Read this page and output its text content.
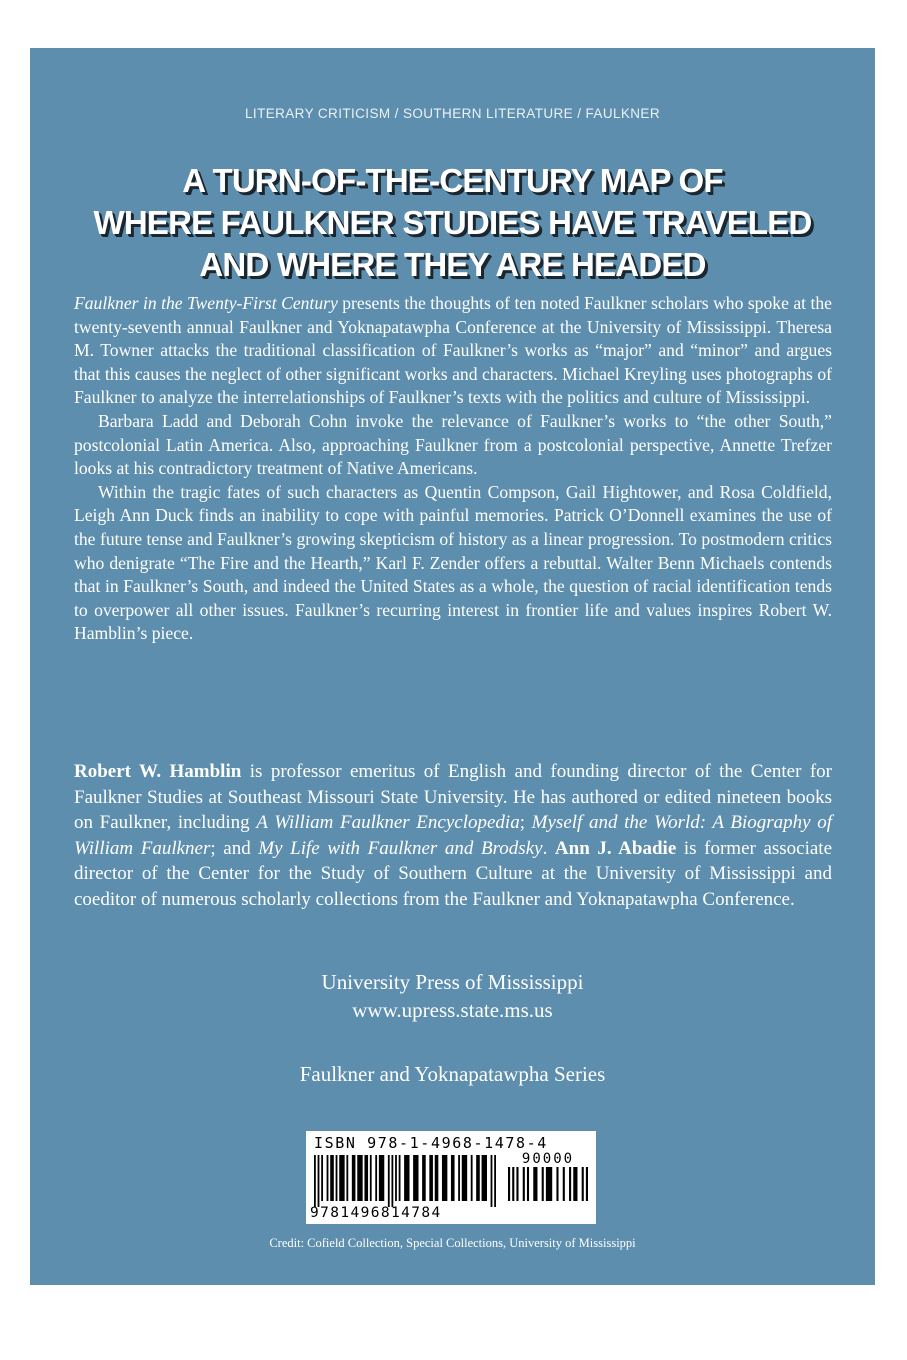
LITERARY CRITICISM / SOUTHERN LITERATURE / FAULKNER
A TURN-OF-THE-CENTURY MAP OF
WHERE FAULKNER STUDIES HAVE TRAVELED
AND WHERE THEY ARE HEADED

Faulkner in the Twenty-First Century presents the thoughts of ten noted Faulkner scholars who spoke at the twenty-seventh annual Faulkner and Yoknapatawpha Conference at the University of Mississippi. Theresa M. Towner attacks the traditional classification of Faulkner’s works as “major” and “minor” and argues that this causes the neglect of other significant works and characters. Michael Kreyling uses photographs of Faulkner to analyze the interrelationships of Faulkner’s texts with the politics and culture of Mississippi.

Barbara Ladd and Deborah Cohn invoke the relevance of Faulkner’s works to “the other South,” postcolonial Latin America. Also, approaching Faulkner from a postcolonial perspective, Annette Trefzer looks at his contradictory treatment of Native Americans.

Within the tragic fates of such characters as Quentin Compson, Gail Hightower, and Rosa Coldfield, Leigh Ann Duck finds an inability to cope with painful memories. Patrick O’Donnell examines the use of the future tense and Faulkner’s growing skepticism of history as a linear progression. To postmodern critics who denigrate “The Fire and the Hearth,” Karl F. Zender offers a rebuttal. Walter Benn Michaels contends that in Faulkner’s South, and indeed the United States as a whole, the question of racial identification tends to overpower all other issues. Faulkner’s recurring interest in frontier life and values inspires Robert W. Hamblin’s piece.

Robert W. Hamblin is professor emeritus of English and founding director of the Center for Faulkner Studies at Southeast Missouri State University. He has authored or edited nineteen books on Faulkner, including A William Faulkner Encyclopedia; Myself and the World: A Biography of William Faulkner; and My Life with Faulkner and Brodsky. Ann J. Abadie is former associate director of the Center for the Study of Southern Culture at the University of Mississippi and coeditor of numerous scholarly collections from the Faulkner and Yoknapatawpha Conference.
University Press of Mississippi
www.upress.state.ms.us
Faulkner and Yoknapatawpha Series
ISBN 978-1-4968-1478-4
90000
9781496814784
Credit: Cofield Collection, Special Collections, University of Mississippi
